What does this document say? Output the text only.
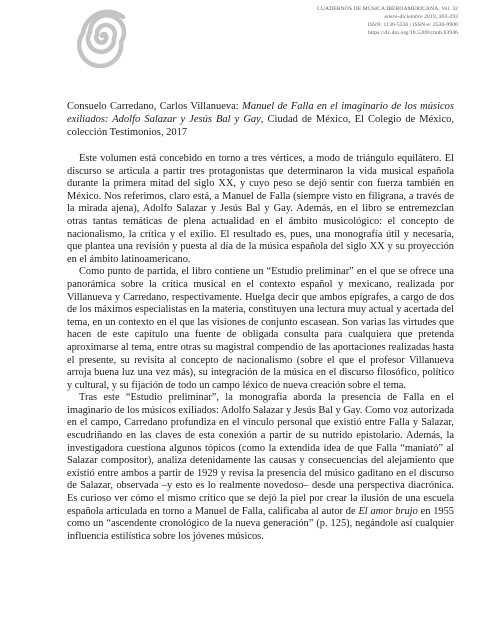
CUADERNOS DE MÚSICA IBEROAMERICANA. Vol. 32
enero-diciembre 2019, 303-393
ISSN: 1136-5536 | ISSN-e: 2530-9900
https://dx.doi.org/10.5209/cmib.63946
Consuelo Carredano, Carlos Villanueva: Manuel de Falla en el imaginario de los músicos exiliados: Adolfo Salazar y Jesús Bal y Gay, Ciudad de México, El Colegio de México, colección Testimonios, 2017

Este volumen está concebido en torno a tres vértices, a modo de triángulo equilátero. El discurso se articula a partir tres protagonistas que determinaron la vida musical española durante la primera mitad del siglo XX, y cuyo peso se dejó sentir con fuerza también en México. Nos referimos, claro está, a Manuel de Falla (siempre visto en filigrana, a través de la mirada ajena), Adolfo Salazar y Jesús Bal y Gay. Además, en el libro se entremezclan otras tantas temáticas de plena actualidad en el ámbito musicológico: el concepto de nacionalismo, la crítica y el exilio. El resultado es, pues, una monografía útil y necesaria, que plantea una revisión y puesta al día de la música española del siglo XX y su proyección en el ámbito latinoamericano.

Como punto de partida, el libro contiene un “Estudio preliminar” en el que se ofrece una panorámica sobre la crítica musical en el contexto español y mexicano, realizada por Villanueva y Carredano, respectivamente. Huelga decir que ambos epígrafes, a cargo de dos de los máximos especialistas en la materia, constituyen una lectura muy actual y acertada del tema, en un contexto en el que las visiones de conjunto escasean. Son varias las virtudes que hacen de este capítulo una fuente de obligada consulta para cualquiera que pretenda aproximarse al tema, entre otras su magistral compendio de las aportaciones realizadas hasta el presente, su revisita al concepto de nacionalismo (sobre el que el profesor Villanueva arroja buena luz una vez más), su integración de la música en el discurso filosófico, político y cultural, y su fijación de todo un campo léxico de nueva creación sobre el tema.

Tras este “Estudio preliminar”, la monografía aborda la presencia de Falla en el imaginario de los músicos exiliados: Adolfo Salazar y Jesús Bal y Gay. Como voz autorizada en el campo, Carredano profundiza en el vínculo personal que existió entre Falla y Salazar, escudriñando en las claves de esta conexión a partir de su nutrido epistolario. Además, la investigadora cuestiona algunos tópicos (como la extendida idea de que Falla “maniató” al Salazar compositor), analiza detenidamente las causas y consecuencias del alejamiento que existió entre ambos a partir de 1929 y revisa la presencia del músico gaditano en el discurso de Salazar, observada –y esto es lo realmente novedoso– desde una perspectiva diacrónica. Es curioso ver cómo el mismo crítico que se dejó la piel por crear la ilusión de una escuela española articulada en torno a Manuel de Falla, calificaba al autor de El amor brujo en 1955 como un “ascendente cronológico de la nueva generación” (p. 125), negándole así cualquier influencia estilística sobre los jóvenes músicos.
